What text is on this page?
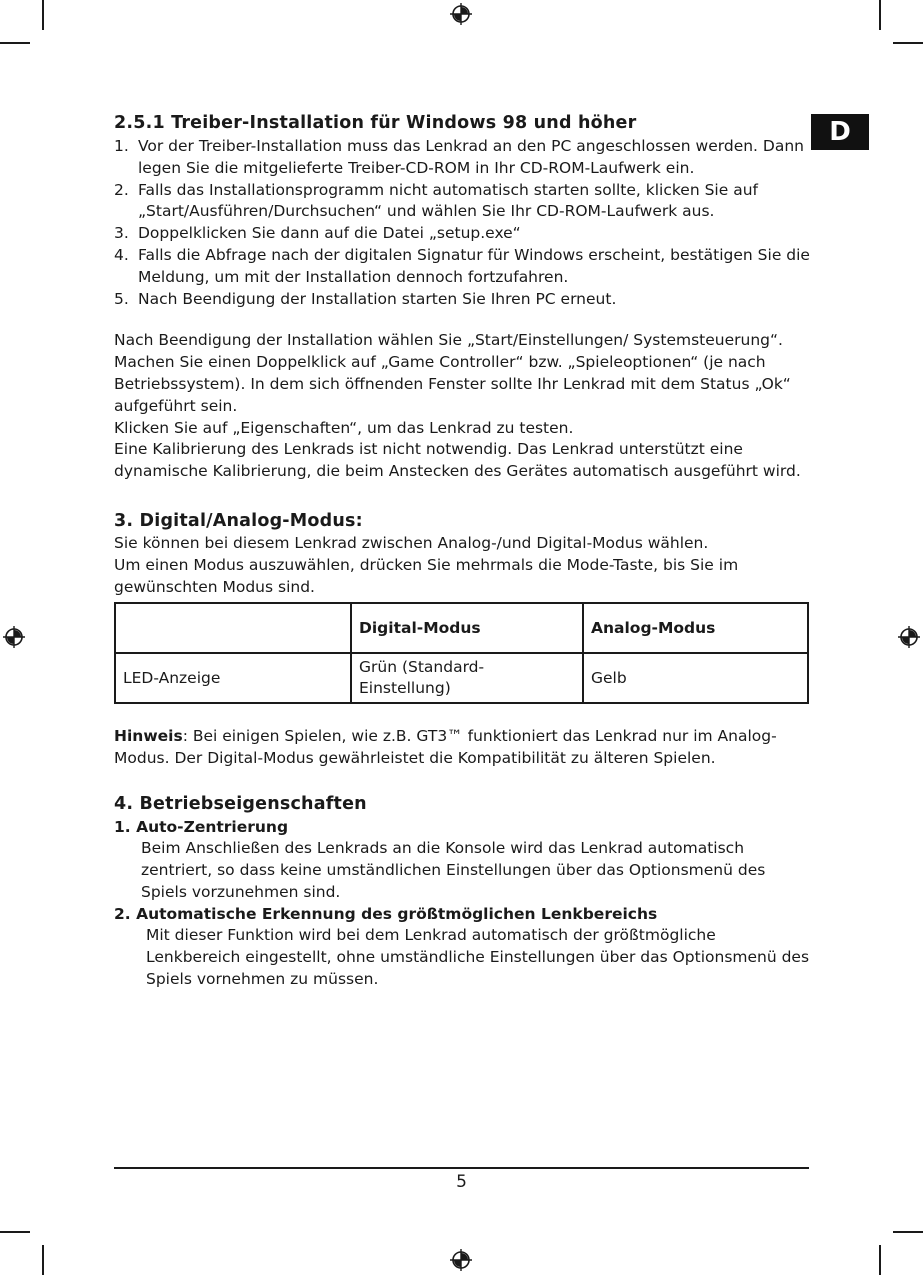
D
2.5.1 Treiber-Installation für Windows 98 und höher
1. Vor der Treiber-Installation muss das Lenkrad an den PC angeschlossen werden. Dann legen Sie die mitgelieferte Treiber-CD-ROM in Ihr CD-ROM-Laufwerk ein.
2. Falls das Installationsprogramm nicht automatisch starten sollte, klicken Sie auf „Start/Ausführen/Durchsuchen“ und wählen Sie Ihr CD-ROM-Laufwerk aus.
3. Doppelklicken Sie dann auf die Datei „setup.exe“
4. Falls die Abfrage nach der digitalen Signatur für Windows erscheint, bestätigen Sie die Meldung, um mit der Installation dennoch fortzufahren.
5. Nach Beendigung der Installation starten Sie Ihren PC erneut.

Nach Beendigung der Installation wählen Sie „Start/Einstellungen/ Systemsteuerung“. Machen Sie einen Doppelklick auf „Game Controller“ bzw. „Spieleoptionen“ (je nach Betriebssystem). In dem sich öffnenden Fenster sollte Ihr Lenkrad mit dem Status „Ok“ aufgeführt sein.

Klicken Sie auf „Eigenschaften“, um das Lenkrad zu testen.

Eine Kalibrierung des Lenkrads ist nicht notwendig. Das Lenkrad unterstützt eine dynamische Kalibrierung, die beim Anstecken des Gerätes automatisch ausgeführt wird.

3. Digital/Analog-Modus:

Sie können bei diesem Lenkrad zwischen Analog-/und Digital-Modus wählen.

Um einen Modus auszuwählen, drücken Sie mehrmals die Mode-Taste, bis Sie im gewünschten Modus sind.

	Digital-Modus	Analog-Modus
LED-Anzeige	Grün (Standard-Einstellung)	Gelb

Hinweis: Bei einigen Spielen, wie z.B. GT3™ funktioniert das Lenkrad nur im Analog-Modus. Der Digital-Modus gewährleistet die Kompatibilität zu älteren Spielen.

4. Betriebseigenschaften

1. Auto-Zentrierung

Beim Anschließen des Lenkrads an die Konsole wird das Lenkrad automatisch zentriert, so dass keine umständlichen Einstellungen über das Optionsmenü des Spiels vorzunehmen sind.

2. Automatische Erkennung des größtmöglichen Lenkbereichs

Mit dieser Funktion wird bei dem Lenkrad automatisch der größtmögliche Lenkbereich eingestellt, ohne umständliche Einstellungen über das Optionsmenü des Spiels vornehmen zu müssen.

5
